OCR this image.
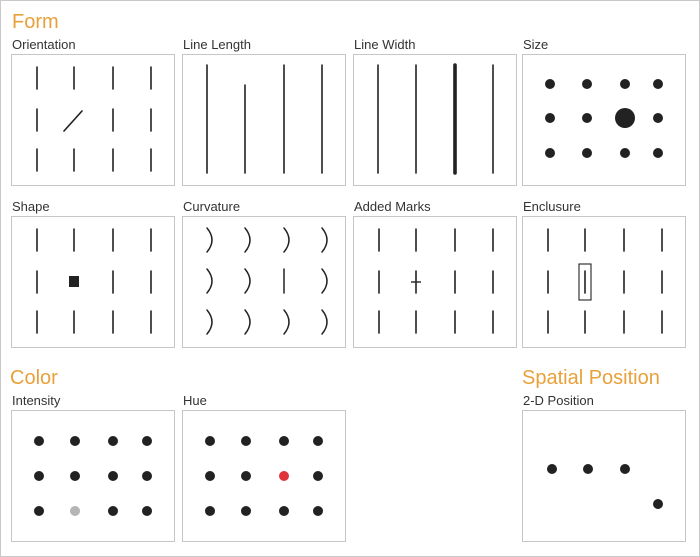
Form
Color	Spatial Position
Orientation	Line Length	Line Width	Size
Shape	Curvature	Added Marks	Enclusure
Intensity	Hue	2-D Position
